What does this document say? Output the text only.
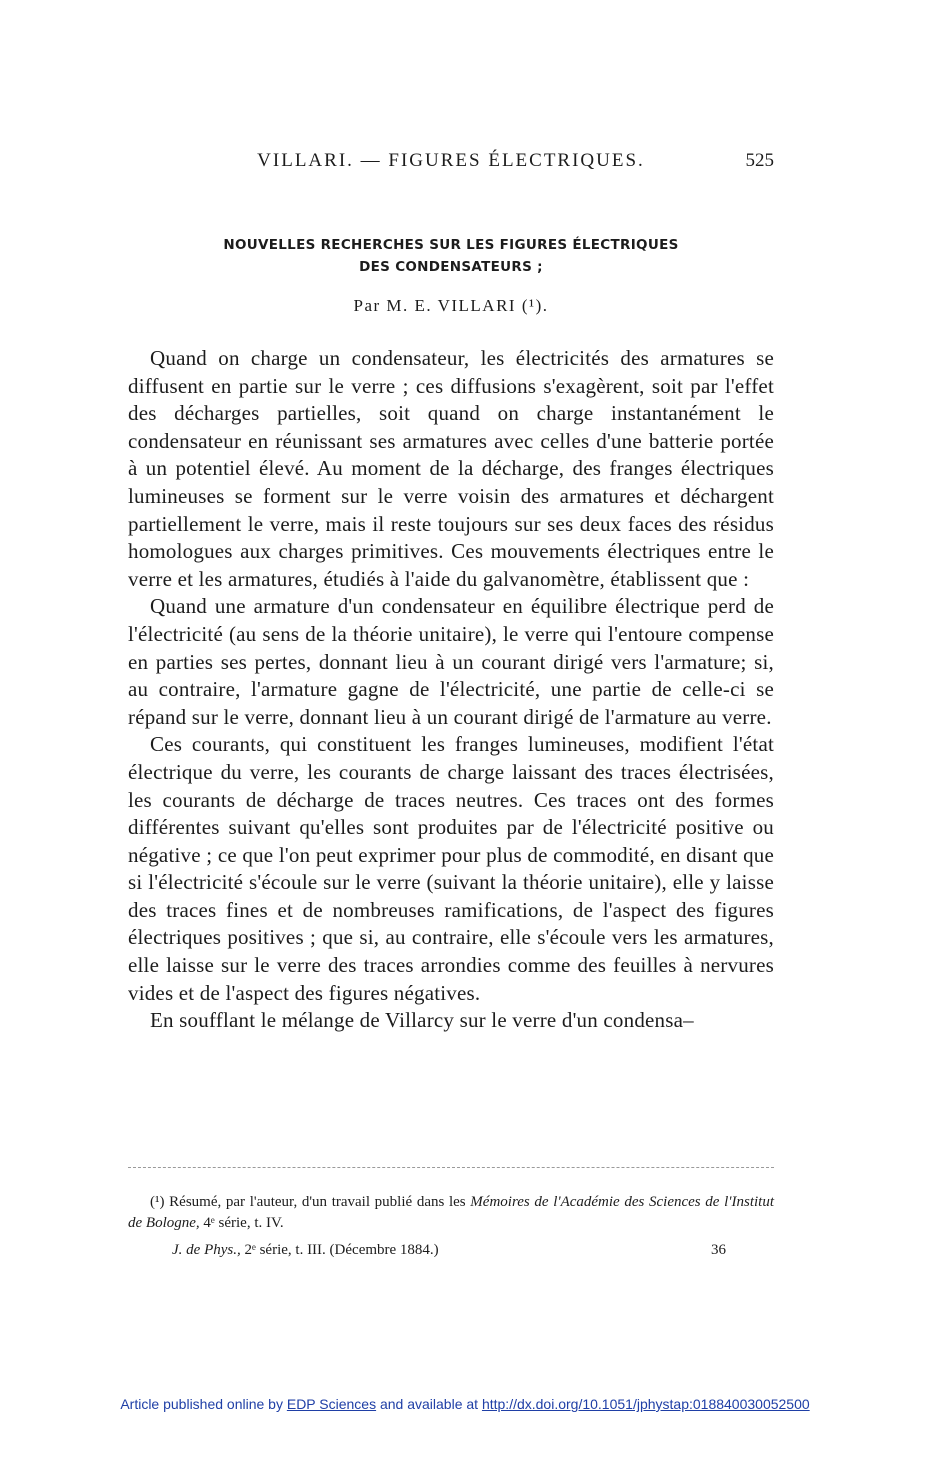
VILLARI. — FIGURES ÉLECTRIQUES.	525
NOUVELLES RECHERCHES SUR LES FIGURES ÉLECTRIQUES
DES CONDENSATEURS ;
Par M. E. VILLARI (¹).

Quand on charge un condensateur, les électricités des armatures se diffusent en partie sur le verre ; ces diffusions s'exagèrent, soit par l'effet des décharges partielles, soit quand on charge instantanément le condensateur en réunissant ses armatures avec celles d'une batterie portée à un potentiel élevé. Au moment de la décharge, des franges électriques lumineuses se forment sur le verre voisin des armatures et déchargent partiellement le verre, mais il reste toujours sur ses deux faces des résidus homologues aux charges primitives. Ces mouvements électriques entre le verre et les armatures, étudiés à l'aide du galvanomètre, établissent que :

Quand une armature d'un condensateur en équilibre électrique perd de l'électricité (au sens de la théorie unitaire), le verre qui l'entoure compense en parties ses pertes, donnant lieu à un courant dirigé vers l'armature; si, au contraire, l'armature gagne de l'électricité, une partie de celle-ci se répand sur le verre, donnant lieu à un courant dirigé de l'armature au verre.

Ces courants, qui constituent les franges lumineuses, modifient l'état électrique du verre, les courants de charge laissant des traces électrisées, les courants de décharge de traces neutres. Ces traces ont des formes différentes suivant qu'elles sont produites par de l'électricité positive ou négative ; ce que l'on peut exprimer pour plus de commodité, en disant que si l'électricité s'écoule sur le verre (suivant la théorie unitaire), elle y laisse des traces fines et de nombreuses ramifications, de l'aspect des figures électriques positives ; que si, au contraire, elle s'écoule vers les armatures, elle laisse sur le verre des traces arrondies comme des feuilles à nervures vides et de l'aspect des figures négatives.

En soufflant le mélange de Villarcy sur le verre d'un condensa–

(¹) Résumé, par l'auteur, d'un travail publié dans les Mémoires de l'Académie des Sciences de l'Institut de Bologne, 4ᵉ série, t. IV.
J. de Phys., 2ᵉ série, t. III. (Décembre 1884.)	36
Article published online by EDP Sciences and available at http://dx.doi.org/10.1051/jphystap:018840030052500
